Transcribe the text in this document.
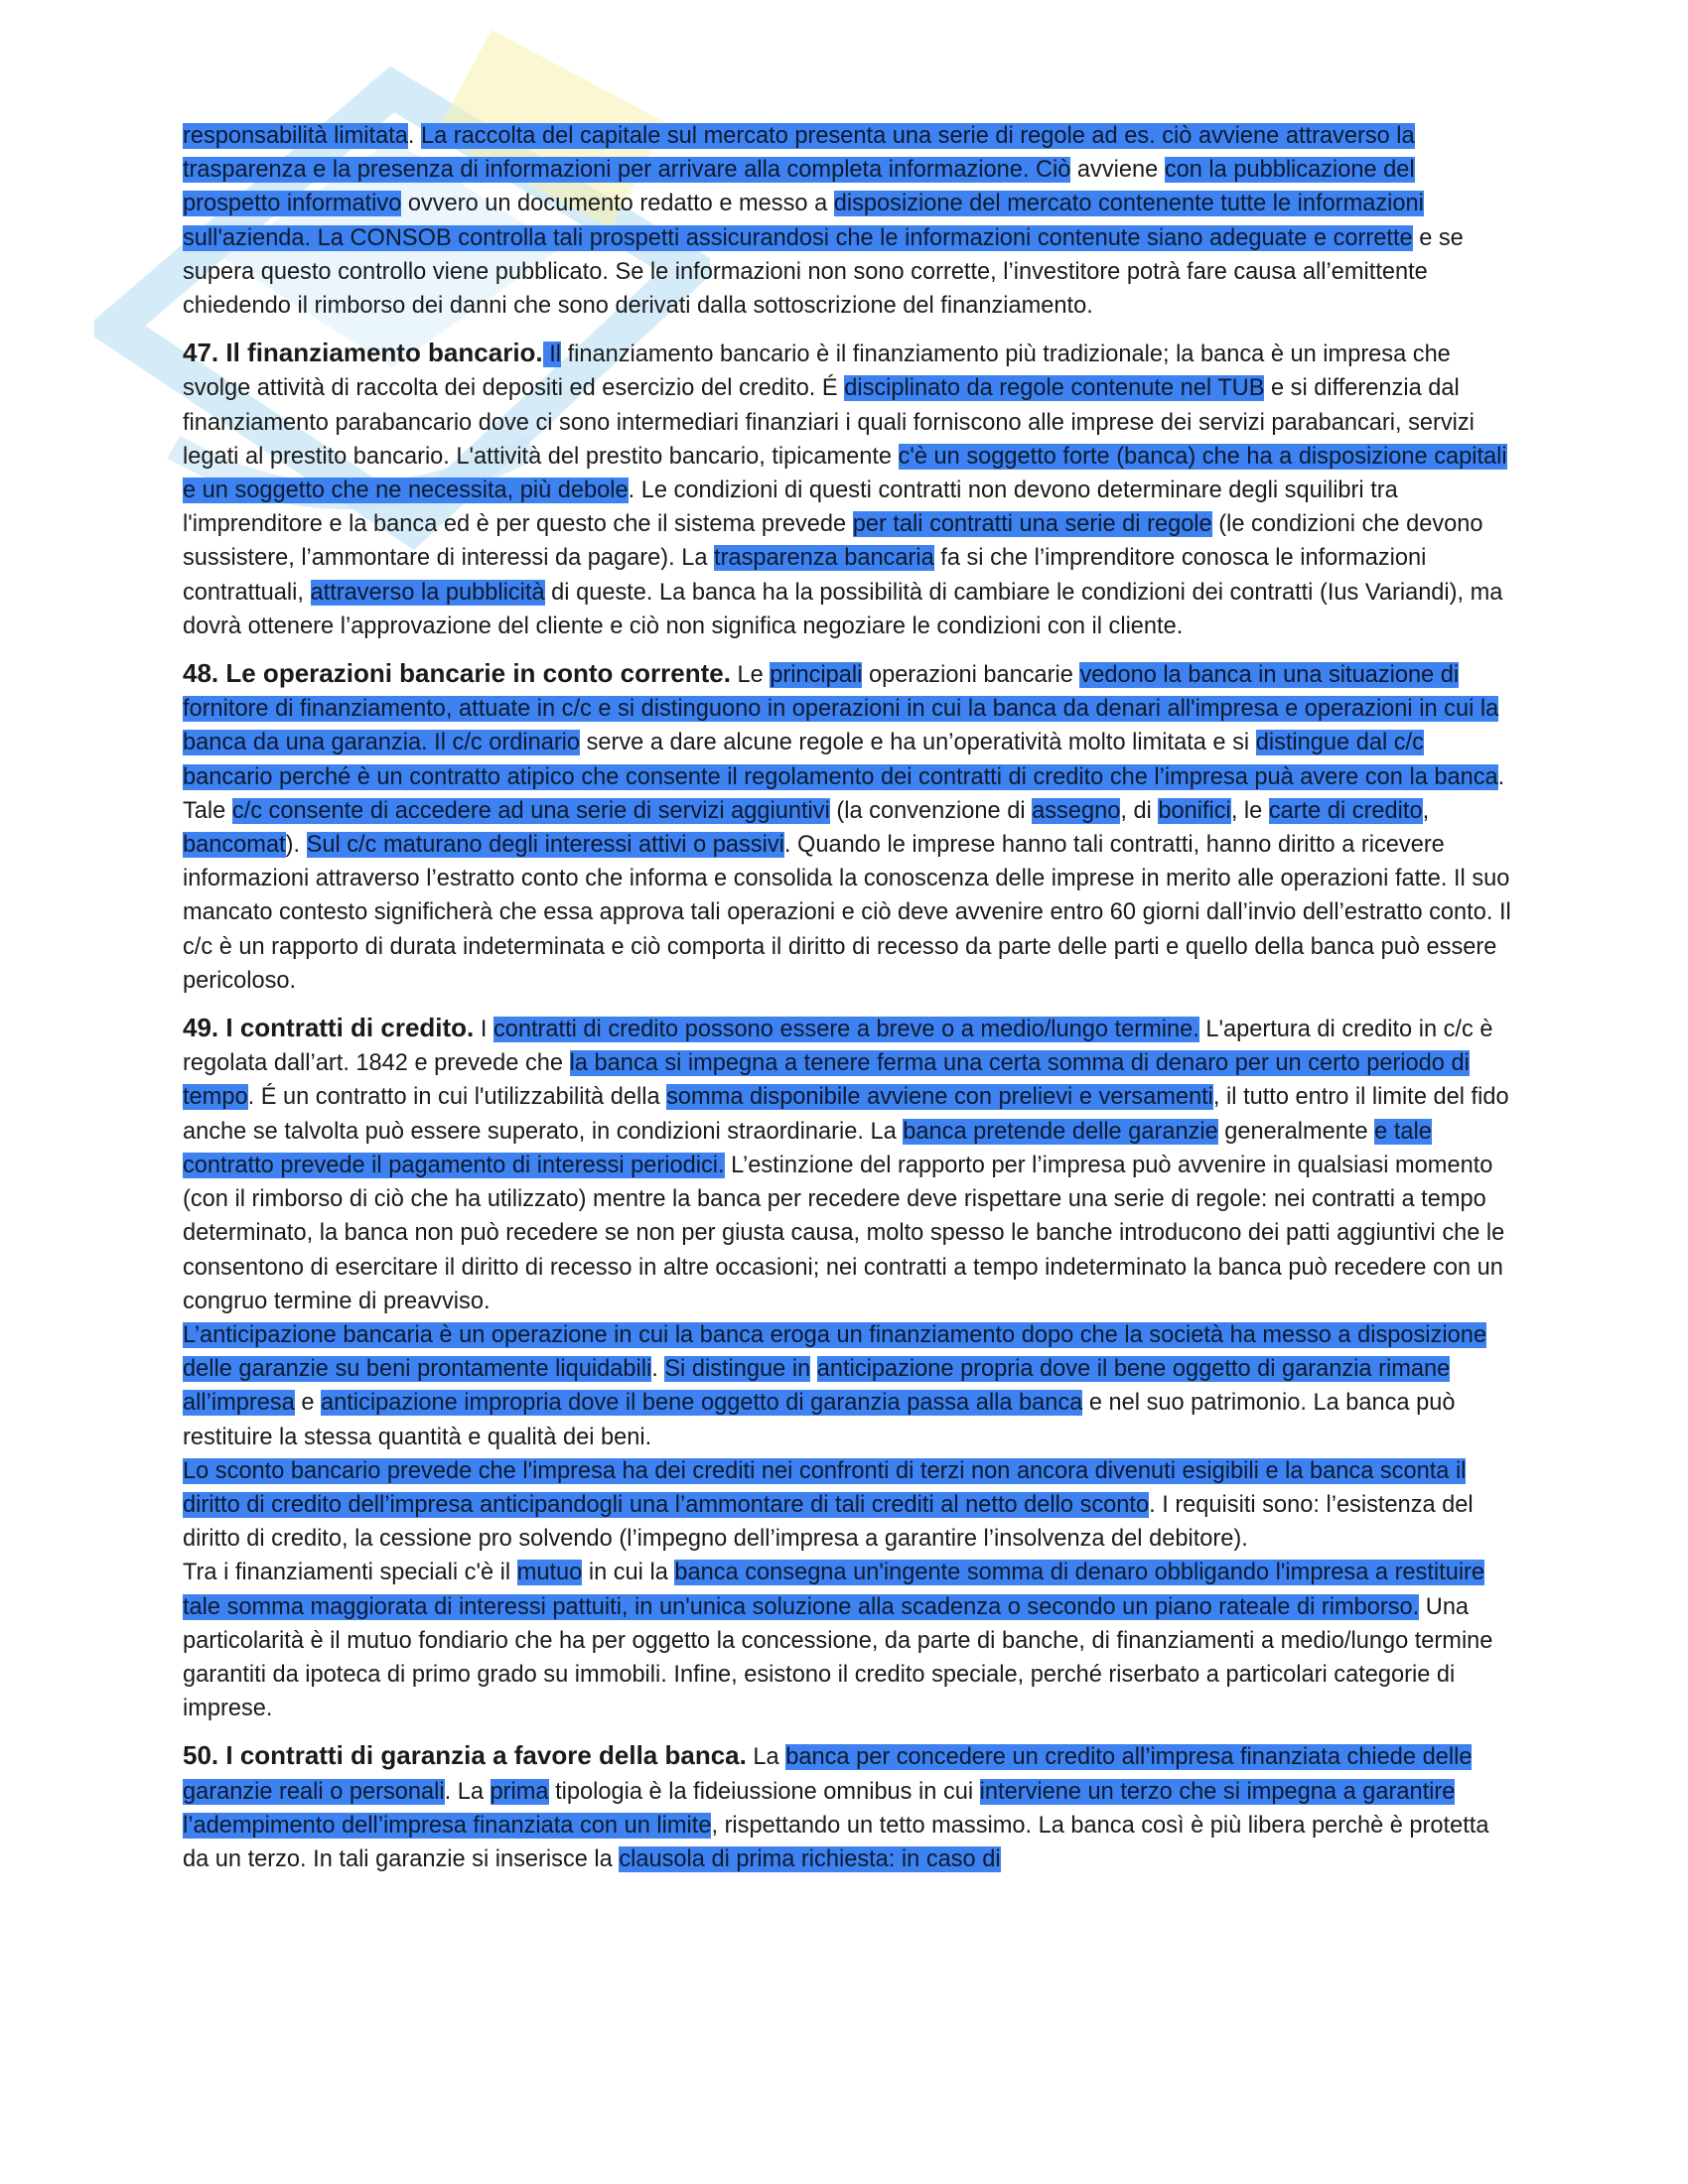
responsabilità limitata. La raccolta del capitale sul mercato presenta una serie di regole ad es. ciò avviene attraverso la trasparenza e la presenza di informazioni per arrivare alla completa informazione. Ciò avviene con la pubblicazione del prospetto informativo ovvero un documento redatto e messo a disposizione del mercato contenente tutte le informazioni sull'azienda. La CONSOB controlla tali prospetti assicurandosi che le informazioni contenute siano adeguate e corrette e se supera questo controllo viene pubblicato. Se le informazioni non sono corrette, l’investitore potrà fare causa all’emittente chiedendo il rimborso dei danni che sono derivati dalla sottoscrizione del finanziamento.

47. Il finanziamento bancario. Il finanziamento bancario è il finanziamento più tradizionale; la banca è un impresa che svolge attività di raccolta dei depositi ed esercizio del credito. É disciplinato da regole contenute nel TUB e si differenzia dal finanziamento parabancario dove ci sono intermediari finanziari i quali forniscono alle imprese dei servizi parabancari, servizi legati al prestito bancario. L'attività del prestito bancario, tipicamente c'è un soggetto forte (banca) che ha a disposizione capitali e un soggetto che ne necessita, più debole. Le condizioni di questi contratti non devono determinare degli squilibri tra l'imprenditore e la banca ed è per questo che il sistema prevede per tali contratti una serie di regole (le condizioni che devono sussistere, l’ammontare di interessi da pagare). La trasparenza bancaria fa si che l’imprenditore conosca le informazioni contrattuali, attraverso la pubblicità di queste. La banca ha la possibilità di cambiare le condizioni dei contratti (Ius Variandi), ma dovrà ottenere l’approvazione del cliente e ciò non significa negoziare le condizioni con il cliente.

48. Le operazioni bancarie in conto corrente. Le principali operazioni bancarie vedono la banca in una situazione di fornitore di finanziamento, attuate in c/c e si distinguono in operazioni in cui la banca da denari all'impresa e operazioni in cui la banca da una garanzia. Il c/c ordinario serve a dare alcune regole e ha un’operatività molto limitata e si distingue dal c/c bancario perché è un contratto atipico che consente il regolamento dei contratti di credito che l’impresa puà avere con la banca. Tale c/c consente di accedere ad una serie di servizi aggiuntivi (la convenzione di assegno, di bonifici, le carte di credito, bancomat). Sul c/c maturano degli interessi attivi o passivi. Quando le imprese hanno tali contratti, hanno diritto a ricevere informazioni attraverso l’estratto conto che informa e consolida la conoscenza delle imprese in merito alle operazioni fatte. Il suo mancato contesto significherà che essa approva tali operazioni e ciò deve avvenire entro 60 giorni dall’invio dell’estratto conto. Il c/c è un rapporto di durata indeterminata e ciò comporta il diritto di recesso da parte delle parti e quello della banca può essere pericoloso.

49. I contratti di credito. I contratti di credito possono essere a breve o a medio/lungo termine. L'apertura di credito in c/c è regolata dall’art. 1842 e prevede che la banca si impegna a tenere ferma una certa somma di denaro per un certo periodo di tempo. É un contratto in cui l'utilizzabilità della somma disponibile avviene con prelievi e versamenti, il tutto entro il limite del fido anche se talvolta può essere superato, in condizioni straordinarie. La banca pretende delle garanzie generalmente e tale contratto prevede il pagamento di interessi periodici. L’estinzione del rapporto per l’impresa può avvenire in qualsiasi momento (con il rimborso di ciò che ha utilizzato) mentre la banca per recedere deve rispettare una serie di regole: nei contratti a tempo determinato, la banca non può recedere se non per giusta causa, molto spesso le banche introducono dei patti aggiuntivi che le consentono di esercitare il diritto di recesso in altre occasioni; nei contratti a tempo indeterminato la banca può recedere con un congruo termine di preavviso.

L’anticipazione bancaria è un operazione in cui la banca eroga un finanziamento dopo che la società ha messo a disposizione delle garanzie su beni prontamente liquidabili. Si distingue in anticipazione propria dove il bene oggetto di garanzia rimane all’impresa e anticipazione impropria dove il bene oggetto di garanzia passa alla banca e nel suo patrimonio. La banca può restituire la stessa quantità e qualità dei beni.

Lo sconto bancario prevede che l'impresa ha dei crediti nei confronti di terzi non ancora divenuti esigibili e la banca sconta il diritto di credito dell’impresa anticipandogli una l’ammontare di tali crediti al netto dello sconto. I requisiti sono: l’esistenza del diritto di credito, la cessione pro solvendo (l’impegno dell’impresa a garantire l’insolvenza del debitore).

Tra i finanziamenti speciali c'è il mutuo in cui la banca consegna un'ingente somma di denaro obbligando l'impresa a restituire tale somma maggiorata di interessi pattuiti, in un'unica soluzione alla scadenza o secondo un piano rateale di rimborso. Una particolarità è il mutuo fondiario che ha per oggetto la concessione, da parte di banche, di finanziamenti a medio/lungo termine garantiti da ipoteca di primo grado su immobili. Infine, esistono il credito speciale, perché riserbato a particolari categorie di imprese.

50. I contratti di garanzia a favore della banca. La banca per concedere un credito all’impresa finanziata chiede delle garanzie reali o personali. La prima tipologia è la fideiussione omnibus in cui interviene un terzo che si impegna a garantire l’adempimento dell’impresa finanziata con un limite, rispettando un tetto massimo. La banca così è più libera perchè è protetta da un terzo. In tali garanzie si inserisce la clausola di prima richiesta: in caso di
